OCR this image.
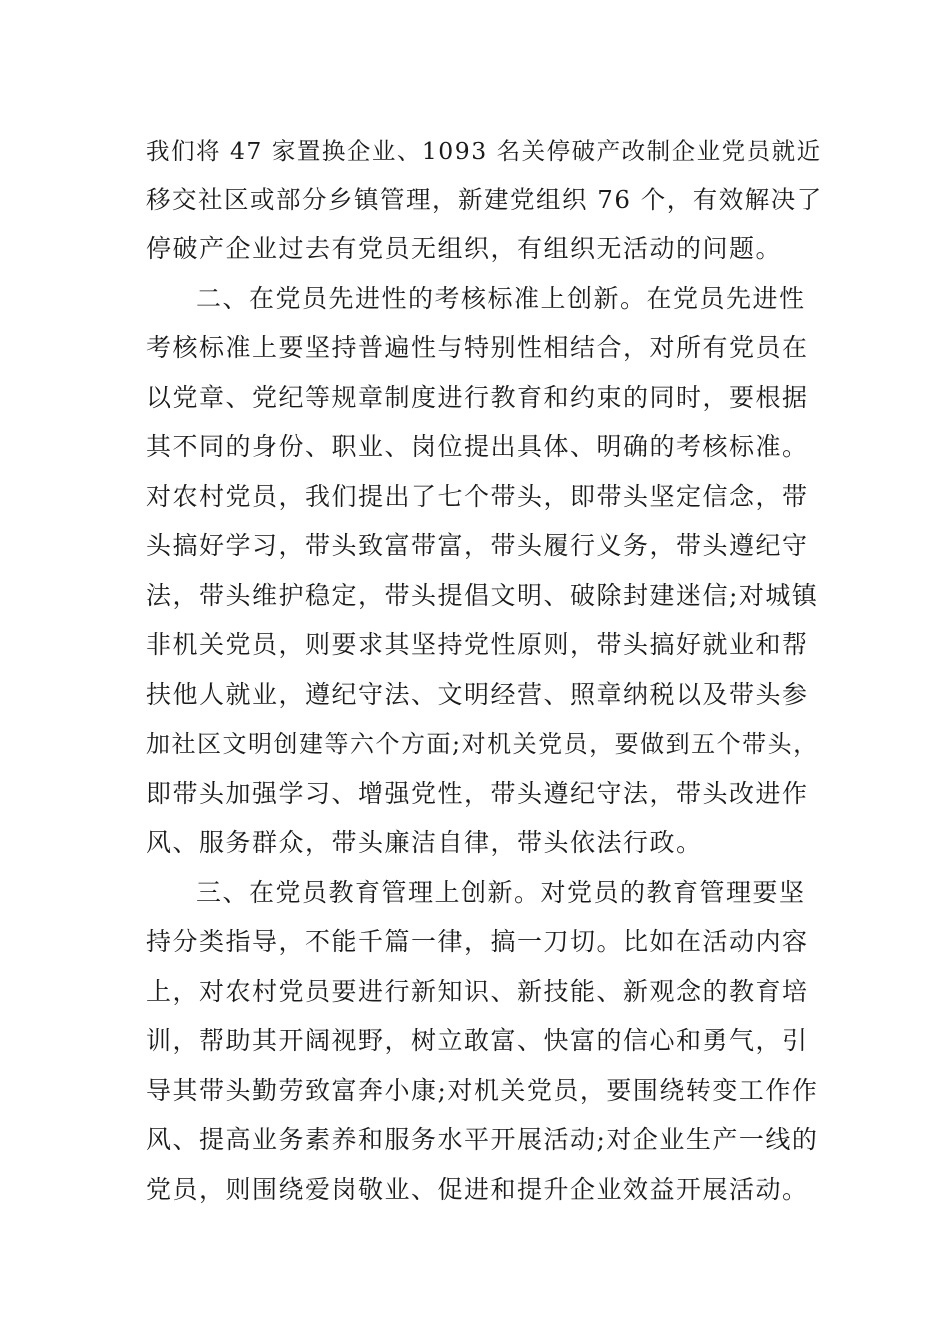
我们将 47 家置换企业、1093 名关停破产改制企业党员就近
移交社区或部分乡镇管理，新建党组织 76 个，有效解决了
停破产企业过去有党员无组织，有组织无活动的问题。
二、在党员先进性的考核标准上创新。在党员先进性
考核标准上要坚持普遍性与特别性相结合，对所有党员在
以党章、党纪等规章制度进行教育和约束的同时，要根据
其不同的身份、职业、岗位提出具体、明确的考核标准。
对农村党员，我们提出了七个带头，即带头坚定信念，带
头搞好学习，带头致富带富，带头履行义务，带头遵纪守
法，带头维护稳定，带头提倡文明、破除封建迷信;对城镇
非机关党员，则要求其坚持党性原则，带头搞好就业和帮
扶他人就业，遵纪守法、文明经营、照章纳税以及带头参
加社区文明创建等六个方面;对机关党员，要做到五个带头，
即带头加强学习、增强党性，带头遵纪守法，带头改进作
风、服务群众，带头廉洁自律，带头依法行政。
三、在党员教育管理上创新。对党员的教育管理要坚
持分类指导，不能千篇一律，搞一刀切。比如在活动内容
上，对农村党员要进行新知识、新技能、新观念的教育培
训，帮助其开阔视野，树立敢富、快富的信心和勇气，引
导其带头勤劳致富奔小康;对机关党员，要围绕转变工作作
风、提高业务素养和服务水平开展活动;对企业生产一线的
党员，则围绕爱岗敬业、促进和提升企业效益开展活动。
